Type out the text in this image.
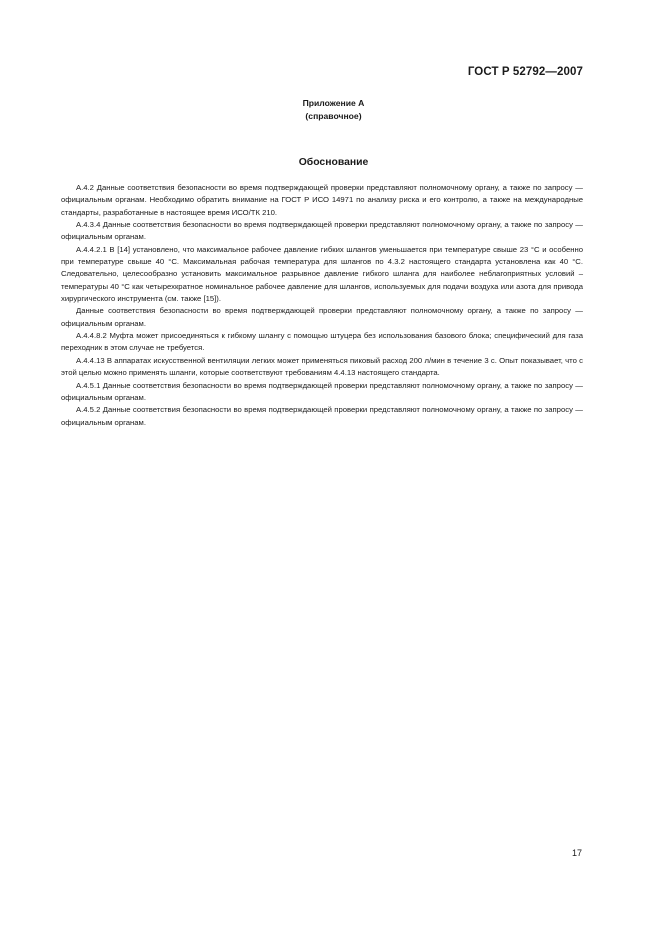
ГОСТ Р 52792—2007
Приложение А
(справочное)
Обоснование

А.4.2 Данные соответствия безопасности во время подтверждающей проверки представляют полномочному органу, а также по запросу — официальным органам. Необходимо обратить внимание на ГОСТ Р ИСО 14971 по анализу риска и его контролю, а также на международные стандарты, разработанные в настоящее время ИСО/ТК 210.

А.4.3.4 Данные соответствия безопасности во время подтверждающей проверки представляют полномочному органу, а также по запросу — официальным органам.

А.4.4.2.1 В [14] установлено, что максимальное рабочее давление гибких шлангов уменьшается при температуре свыше 23 °С и особенно при температуре свыше 40 °С. Максимальная рабочая температура для шлангов по 4.3.2 настоящего стандарта установлена как 40 °С. Следовательно, целесообразно установить максимальное разрывное давление гибкого шланга для наиболее неблагоприятных условий – температуры 40 °С как четырехкратное номинальное рабочее давление для шлангов, используемых для подачи воздуха или азота для привода хирургического инструмента (см. также [15]).

Данные соответствия безопасности во время подтверждающей проверки представляют полномочному органу, а также по запросу — официальным органам.

А.4.4.8.2 Муфта может присоединяться к гибкому шлангу с помощью штуцера без использования базового блока; специфический для газа переходник в этом случае не требуется.

А.4.4.13 В аппаратах искусственной вентиляции легких может применяться пиковый расход 200 л/мин в течение 3 с. Опыт показывает, что с этой целью можно применять шланги, которые соответствуют требованиям 4.4.13 настоящего стандарта.

А.4.5.1 Данные соответствия безопасности во время подтверждающей проверки представляют полномочному органу, а также по запросу — официальным органам.

А.4.5.2 Данные соответствия безопасности во время подтверждающей проверки представляют полномочному органу, а также по запросу — официальным органам.

17
